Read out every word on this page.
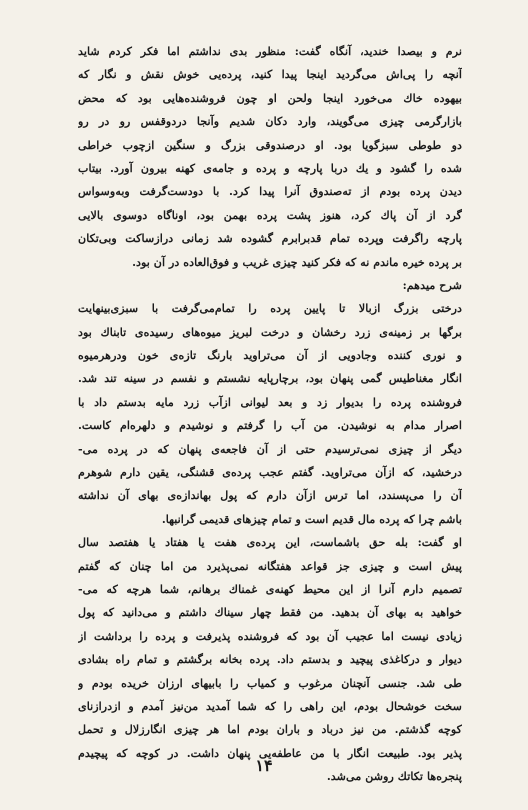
نرم و بیصدا خندید، آنگاه گفت: منظور بدی نداشتم اما فکر کردم شاید
آنچه را پی‌اش می‌گردید اینجا پیدا کنید، پرده‌یی خوش نقش و نگار که
بیهوده خاك می‌خورد اینجا ولحن او چون فروشنده‌هایی بود که محض
بازارگرمی چیزی می‌گویند، وارد دکان شدیم وآنجا دردوقفس رو در رو
دو طوطی سبزگویا بود. او درصندوقی بزرگ و سنگین ازچوب خراطی
شده را گشود و یك دربا پارچه و پرده و جامه‌ی کهنه بیرون آورد. بیتاب
دیدن پرده بودم از ته‌صندوق آنرا پیدا کرد. با دودست‌گرفت وبه‌وسواس
گرد از آن پاك کرد، هنوز پشت پرده بهمن بود، اوناگاه دوسوی بالایی
پارچه راگرفت وپرده تمام قدبرابرم گشوده شد زمانی درازساکت وبی‌تکان
بر پرده خیره ماندم نه که فکر کنید چیزی غریب و فوق‌العاده در آن بود.
شرح میدهم:
درختی بزرگ ازبالا تا پایین پرده را تمام‌می‌گرفت با سبزی‌بینهایت
برگها بر زمینه‌ی زرد رخشان و درخت لبریز میوه‌های رسیده‌ی تابناك بود
و نوری کننده وجادویی از آن می‌تراوید بارنگ تازه‌ی خون ودرهرمیوه
انگار مغناطیس گمی پنهان بود، برچارپایه نشستم و نفسم در سینه تند شد.
فروشنده پرده را بدیوار زد و بعد لیوانی ازآب زرد مایه بدستم داد با
اصرار مدام به نوشیدن. من آب را گرفتم و نوشیدم و دلهره‌ام کاست.
دیگر از چیزی نمی‌ترسیدم حتی از آن فاجعه‌ی پنهان که در پرده می-
درخشید، که ازآن می‌تراوید. گفتم عجب پرده‌ی قشنگی، یقین دارم شوهرم
آن را می‌پسندد، اما ترس ازآن دارم که پول بهاندازه‌ی بهای آن نداشته
باشم چرا که پرده مال قدیم است و تمام چیزهای قدیمی گرانبها.
او گفت: بله حق باشماست، این پرده‌ی هفت یا هفتاد یا هفتصد سال
پیش است و چیزی جز قواعد هفتگانه نمی‌پذیرد من اما چنان که گفتم
تصمیم دارم آنرا از این محیط کهنه‌ی غمناك برهانم، شما هرچه که می-
خواهید به بهای آن بدهید. من فقط چهار سیناك داشتم و می‌دانید که پول
زیادی نیست اما عجیب آن بود که فروشنده پذیرفت و پرده را برداشت از
دیوار و درکاغذی پیچید و بدستم داد. پرده بخانه برگشتم و تمام راه بشادی
طی شد. جنسی آنچنان مرغوب و کمیاب را بابیهای ارزان خریده بودم و
سخت خوشحال بودم، این راهی را که شما آمدید من‌نیز آمدم و ازدرازنای
کوچه گذشتم. من نیز درباد و باران بودم اما هر چیزی انگارزلال و تحمل
پذیر بود. طبیعت انگار با من عاطفه‌یی پنهان داشت. در کوچه که پیچیدم
پنجره‌ها تکاتك روشن می‌شد.
۱۴
